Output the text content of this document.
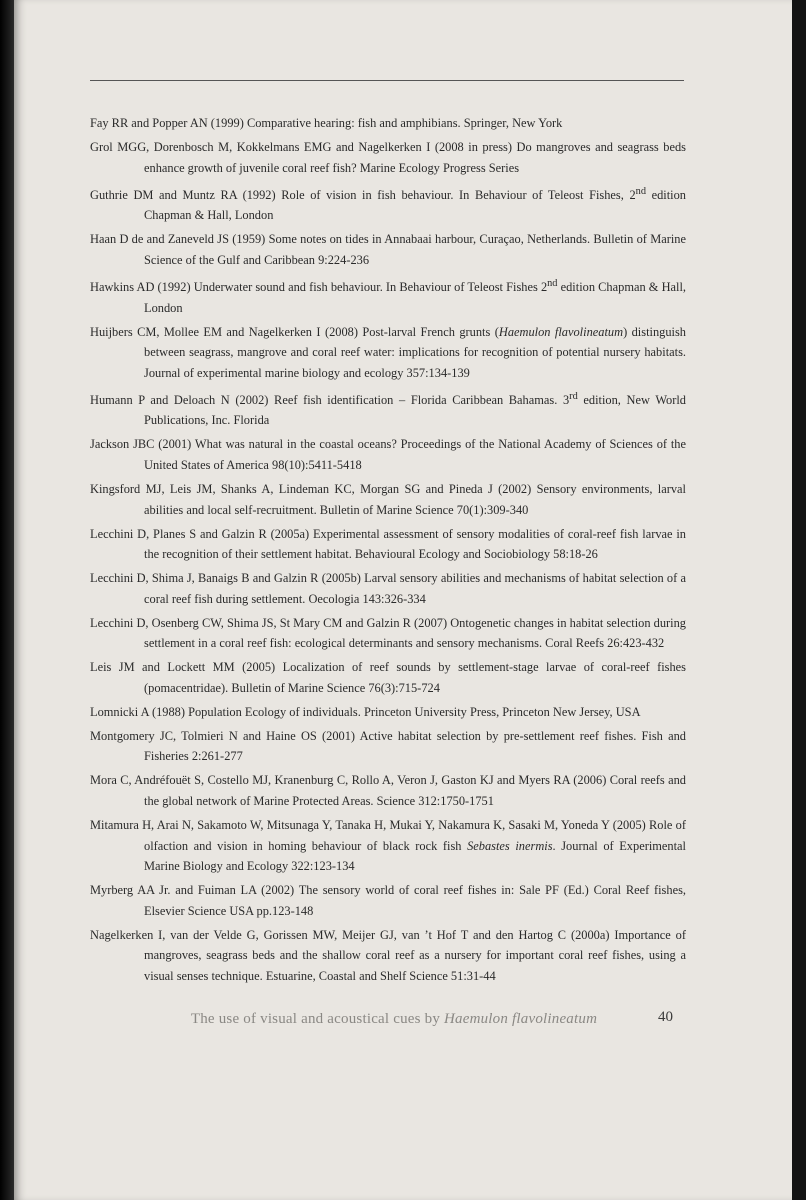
Fay RR and Popper AN (1999) Comparative hearing: fish and amphibians. Springer, New York

Grol MGG, Dorenbosch M, Kokkelmans EMG and Nagelkerken I (2008 in press) Do mangroves and seagrass beds enhance growth of juvenile coral reef fish? Marine Ecology Progress Series

Guthrie DM and Muntz RA (1992) Role of vision in fish behaviour. In Behaviour of Teleost Fishes, 2nd edition Chapman & Hall, London

Haan D de and Zaneveld JS (1959) Some notes on tides in Annabaai harbour, Curaçao, Netherlands. Bulletin of Marine Science of the Gulf and Caribbean 9:224-236

Hawkins AD (1992) Underwater sound and fish behaviour. In Behaviour of Teleost Fishes 2nd edition Chapman & Hall, London

Huijbers CM, Mollee EM and Nagelkerken I (2008) Post-larval French grunts (Haemulon flavolineatum) distinguish between seagrass, mangrove and coral reef water: implications for recognition of potential nursery habitats. Journal of experimental marine biology and ecology 357:134-139

Humann P and Deloach N (2002) Reef fish identification – Florida Caribbean Bahamas. 3rd edition, New World Publications, Inc. Florida

Jackson JBC (2001) What was natural in the coastal oceans? Proceedings of the National Academy of Sciences of the United States of America 98(10):5411-5418

Kingsford MJ, Leis JM, Shanks A, Lindeman KC, Morgan SG and Pineda J (2002) Sensory environments, larval abilities and local self-recruitment. Bulletin of Marine Science 70(1):309-340

Lecchini D, Planes S and Galzin R (2005a) Experimental assessment of sensory modalities of coral-reef fish larvae in the recognition of their settlement habitat. Behavioural Ecology and Sociobiology 58:18-26

Lecchini D, Shima J, Banaigs B and Galzin R (2005b) Larval sensory abilities and mechanisms of habitat selection of a coral reef fish during settlement. Oecologia 143:326-334

Lecchini D, Osenberg CW, Shima JS, St Mary CM and Galzin R (2007) Ontogenetic changes in habitat selection during settlement in a coral reef fish: ecological determinants and sensory mechanisms. Coral Reefs 26:423-432

Leis JM and Lockett MM (2005) Localization of reef sounds by settlement-stage larvae of coral-reef fishes (pomacentridae). Bulletin of Marine Science 76(3):715-724

Lomnicki A (1988) Population Ecology of individuals. Princeton University Press, Princeton New Jersey, USA

Montgomery JC, Tolmieri N and Haine OS (2001) Active habitat selection by pre-settlement reef fishes. Fish and Fisheries 2:261-277

Mora C, Andréfouët S, Costello MJ, Kranenburg C, Rollo A, Veron J, Gaston KJ and Myers RA (2006) Coral reefs and the global network of Marine Protected Areas. Science 312:1750-1751

Mitamura H, Arai N, Sakamoto W, Mitsunaga Y, Tanaka H, Mukai Y, Nakamura K, Sasaki M, Yoneda Y (2005) Role of olfaction and vision in homing behaviour of black rock fish Sebastes inermis. Journal of Experimental Marine Biology and Ecology 322:123-134

Myrberg AA Jr. and Fuiman LA (2002) The sensory world of coral reef fishes in: Sale PF (Ed.) Coral Reef fishes, Elsevier Science USA pp.123-148

Nagelkerken I, van der Velde G, Gorissen MW, Meijer GJ, van ’t Hof T and den Hartog C (2000a) Importance of mangroves, seagrass beds and the shallow coral reef as a nursery for important coral reef fishes, using a visual senses technique. Estuarine, Coastal and Shelf Science 51:31-44

The use of visual and acoustical cues by Haemulon flavolineatum	40
